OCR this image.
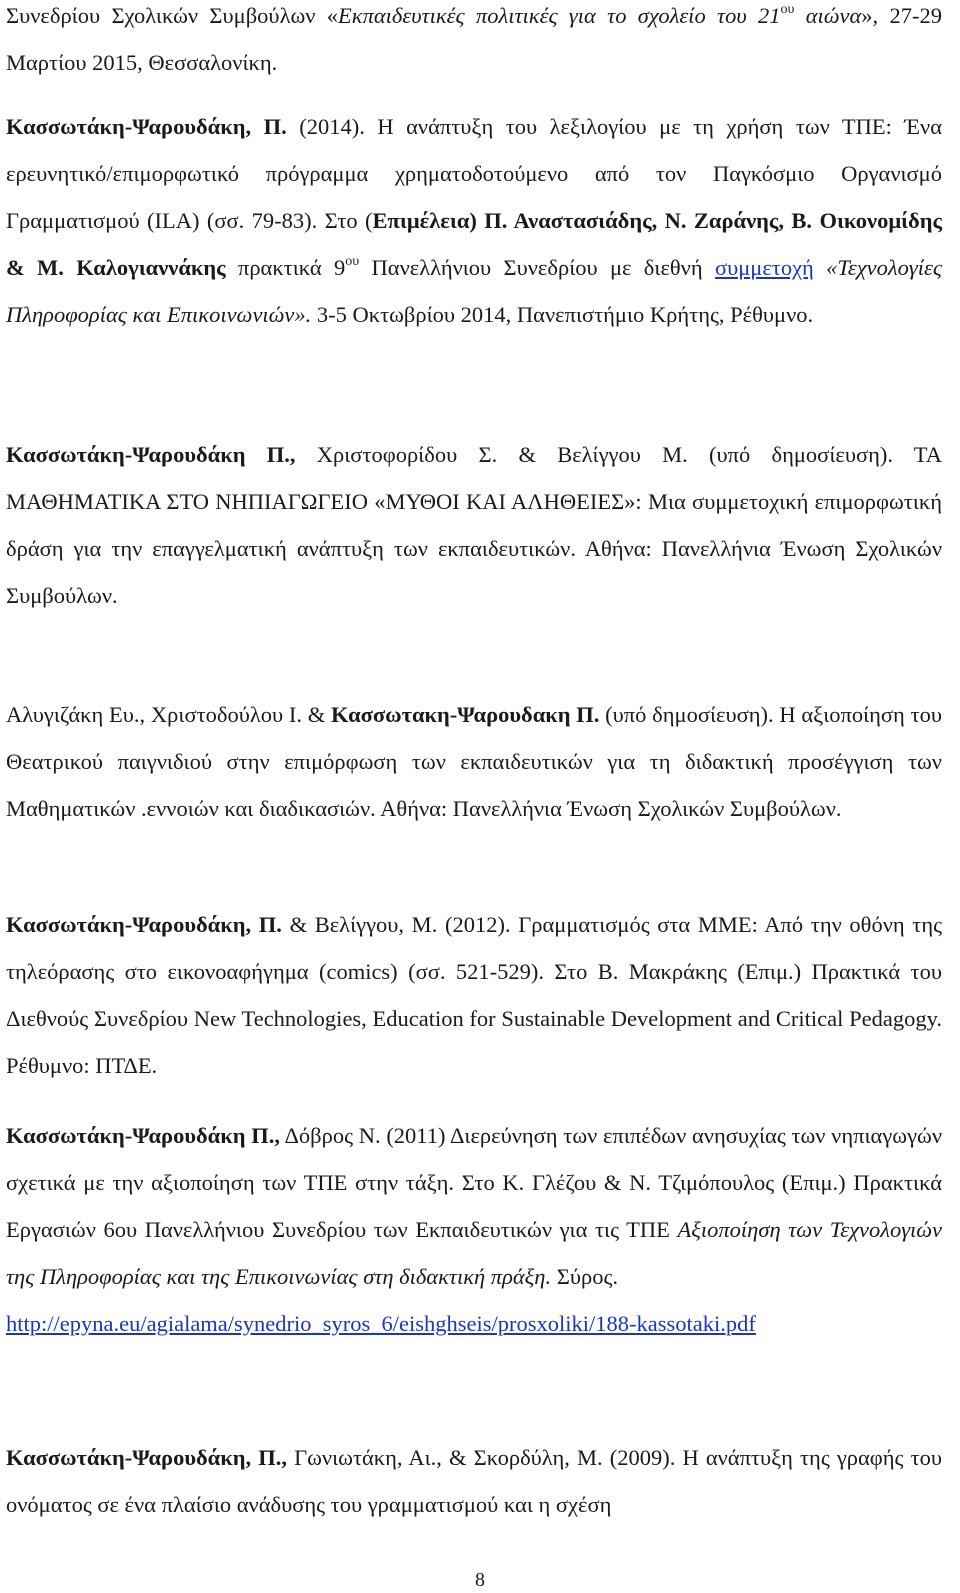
Συνεδρίου Σχολικών Συμβούλων «Εκπαιδευτικές πολιτικές για το σχολείο του $21^{o\upsilon}$ αιώνα», 27-29 Μαρτίου 2015, Θεσσαλονίκη.
Κασσωτάκη-Ψαρουδάκη, Π. (2014). Η ανάπτυξη του λεξιλογίου με τη χρήση των ΤΠΕ: Ένα ερευνητικό/επιμορφωτικό πρόγραμμα χρηματοδοτούμενο από τον Παγκόσμιο Οργανισμό Γραμματισμού (ILA) (σσ. 79-83). Στο (Επιμέλεια) Π. Αναστασιάδης, Ν. Ζαράνης, Β. Οικονομίδης & Μ. Καλογιαννάκης πρακτικά $9^{o\upsilon}$ Πανελλήνιου Συνεδρίου με διεθνή συμμετοχή «Τεχνολογίες Πληροφορίας και Επικοινωνιών». 3-5 Οκτωβρίου 2014, Πανεπιστήμιο Κρήτης, Ρέθυμνο.
Κασσωτάκη-Ψαρουδάκη Π., Χριστοφορίδου Σ. & Βελίγγου Μ. (υπό δημοσίευση). ΤΑ ΜΑΘΗΜΑΤΙΚΑ ΣΤΟ ΝΗΠΙΑΓΩΓΕΙΟ «ΜΥΘΟΙ ΚΑΙ ΑΛΗΘΕΙΕΣ»: Μια συμμετοχική επιμορφωτική δράση για την επαγγελματική ανάπτυξη των εκπαιδευτικών. Αθήνα: Πανελλήνια Ένωση Σχολικών Συμβούλων.
Αλυγιζάκη Ευ., Χριστοδούλου Ι. & Κασσωτακη-Ψαρουδακη Π. (υπό δημοσίευση). Η αξιοποίηση του Θεατρικού παιγνιδιού στην επιμόρφωση των εκπαιδευτικών για τη διδακτική προσέγγιση των Μαθηματικών .εννοιών και διαδικασιών. Αθήνα: Πανελλήνια Ένωση Σχολικών Συμβούλων.
Κασσωτάκη-Ψαρουδάκη, Π. & Βελίγγου, Μ. (2012). Γραμματισμός στα ΜΜΕ: Από την οθόνη της τηλεόρασης στο εικονοαφήγημα (comics) (σσ. 521-529). Στο Β. Μακράκης (Επιμ.) Πρακτικά του Διεθνούς Συνεδρίου New Technologies, Education for Sustainable Development and Critical Pedagogy. Ρέθυμνο: ΠΤΔΕ.
Κασσωτάκη-Ψαρουδάκη Π., Δόβρος Ν. (2011) Διερεύνηση των επιπέδων ανησυχίας των νηπιαγωγών σχετικά με την αξιοποίηση των ΤΠΕ στην τάξη. Στο Κ. Γλέζου & Ν. Τζιμόπουλος (Επιμ.) Πρακτικά Εργασιών 6ου Πανελλήνιου Συνεδρίου των Εκπαιδευτικών για τις ΤΠΕ Αξιοποίηση των Τεχνολογιών της Πληροφορίας και της Επικοινωνίας στη διδακτική πράξη. Σύρος.
http://epyna.eu/agialama/synedrio_syros_6/eishghseis/prosxoliki/188-kassotaki.pdf
Κασσωτάκη-Ψαρουδάκη, Π., Γωνιωτάκη, Αι., & Σκορδύλη, Μ. (2009). Η ανάπτυξη της γραφής του ονόματος σε ένα πλαίσιο ανάδυσης του γραμματισμού και η σχέση
8
